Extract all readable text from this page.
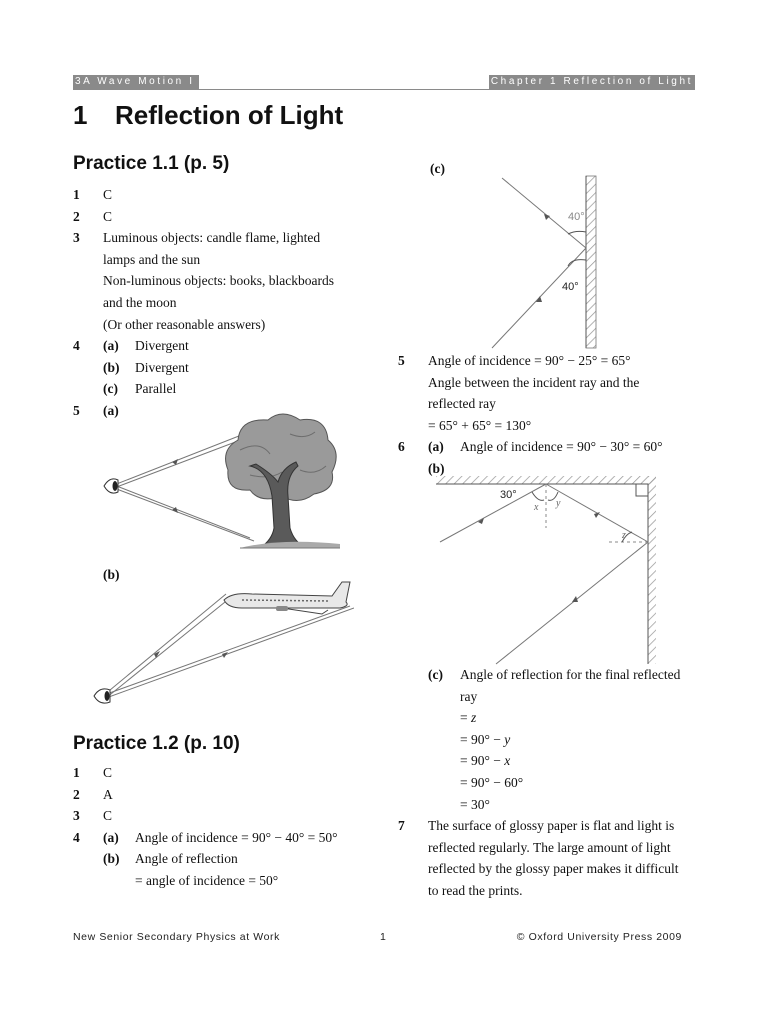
3A Wave Motion I	Chapter 1 Reflection of Light
1 Reflection of Light
Practice 1.1 (p. 5)
1	C
2	C
3	Luminous objects: candle flame, lighted
lamps and the sun
Non-luminous objects: books, blackboards
and the moon
(Or other reasonable answers)
4	(a)	Divergent
(b)	Divergent
(c)	Parallel
5	(a)
(b)
Practice 1.2 (p. 10)
1	C
2	A
3	C
4	(a)	Angle of incidence = 90° − 40° = 50°
(b)	Angle of reflection
= angle of incidence = 50°
(c)
40°
40°
5	Angle of incidence = 90° − 25° = 65°
Angle between the incident ray and the
reflected ray
= 65° + 65° = 130°
6	(a)	Angle of incidence = 90° − 30° = 60°
(b)
30°
x y
z
(c)	Angle of reflection for the final reflected
ray
= z
= 90° − y
= 90° − x
= 90° − 60°
= 30°
7	The surface of glossy paper is flat and light is
reflected regularly. The large amount of light
reflected by the glossy paper makes it difficult
to read the prints.
New Senior Secondary Physics at Work	1	© Oxford University Press 2009
